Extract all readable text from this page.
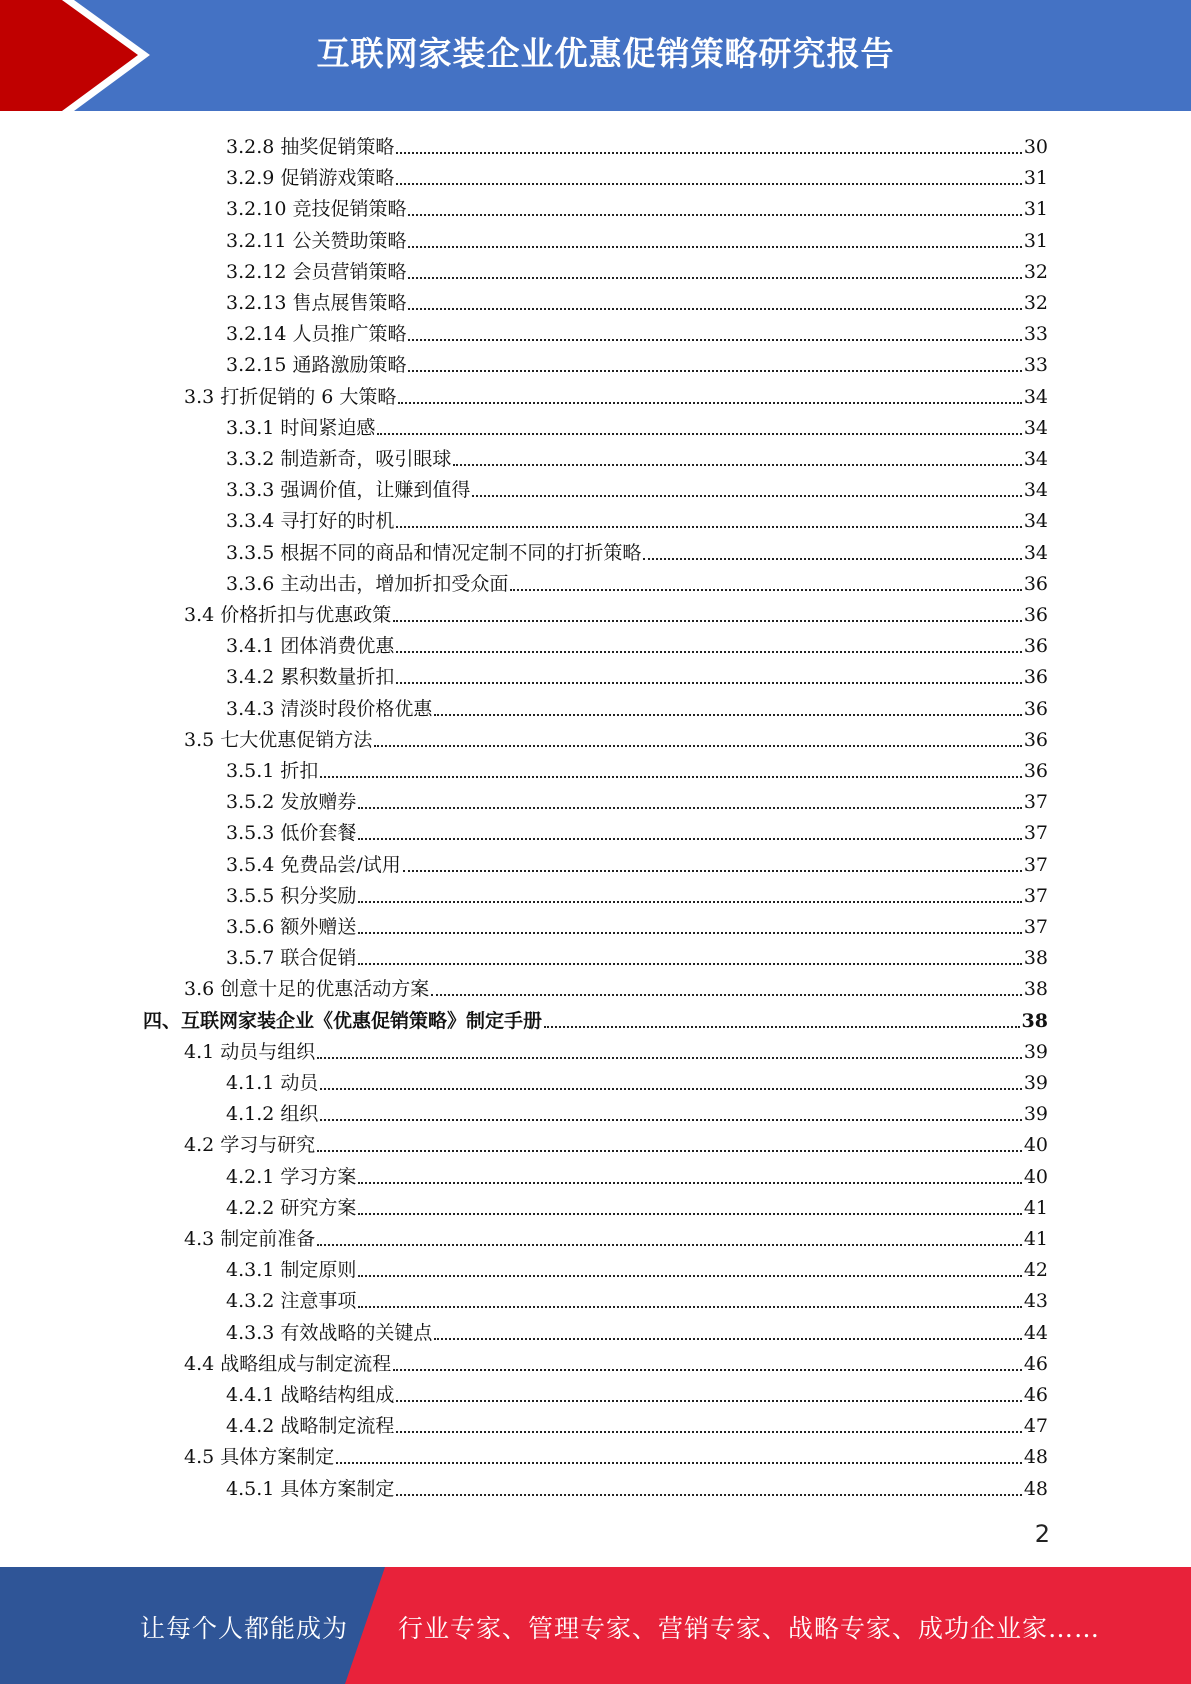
互联网家装企业优惠促销策略研究报告
3.2.8 抽奖促销策略	30
3.2.9 促销游戏策略	31
3.2.10 竞技促销策略	31
3.2.11 公关赞助策略	31
3.2.12 会员营销策略	32
3.2.13 售点展售策略	32
3.2.14 人员推广策略	33
3.2.15 通路激励策略	33
3.3 打折促销的 6 大策略	34
3.3.1 时间紧迫感	34
3.3.2 制造新奇，吸引眼球	34
3.3.3 强调价值，让赚到值得	34
3.3.4 寻打好的时机	34
3.3.5 根据不同的商品和情况定制不同的打折策略	34
3.3.6 主动出击，增加折扣受众面	36
3.4 价格折扣与优惠政策	36
3.4.1 团体消费优惠	36
3.4.2 累积数量折扣	36
3.4.3 清淡时段价格优惠	36
3.5 七大优惠促销方法	36
3.5.1 折扣	36
3.5.2 发放赠券	37
3.5.3 低价套餐	37
3.5.4 免费品尝/试用	37
3.5.5 积分奖励	37
3.5.6 额外赠送	37
3.5.7 联合促销	38
3.6 创意十足的优惠活动方案	38
四、互联网家装企业《优惠促销策略》制定手册	38
4.1 动员与组织	39
4.1.1 动员	39
4.1.2 组织	39
4.2 学习与研究	40
4.2.1 学习方案	40
4.2.2 研究方案	41
4.3 制定前准备	41
4.3.1 制定原则	42
4.3.2 注意事项	43
4.3.3 有效战略的关键点	44
4.4 战略组成与制定流程	46
4.4.1 战略结构组成	46
4.4.2 战略制定流程	47
4.5 具体方案制定	48
4.5.1 具体方案制定	48
2
让每个人都能成为 行业专家、管理专家、营销专家、战略专家、成功企业家……
